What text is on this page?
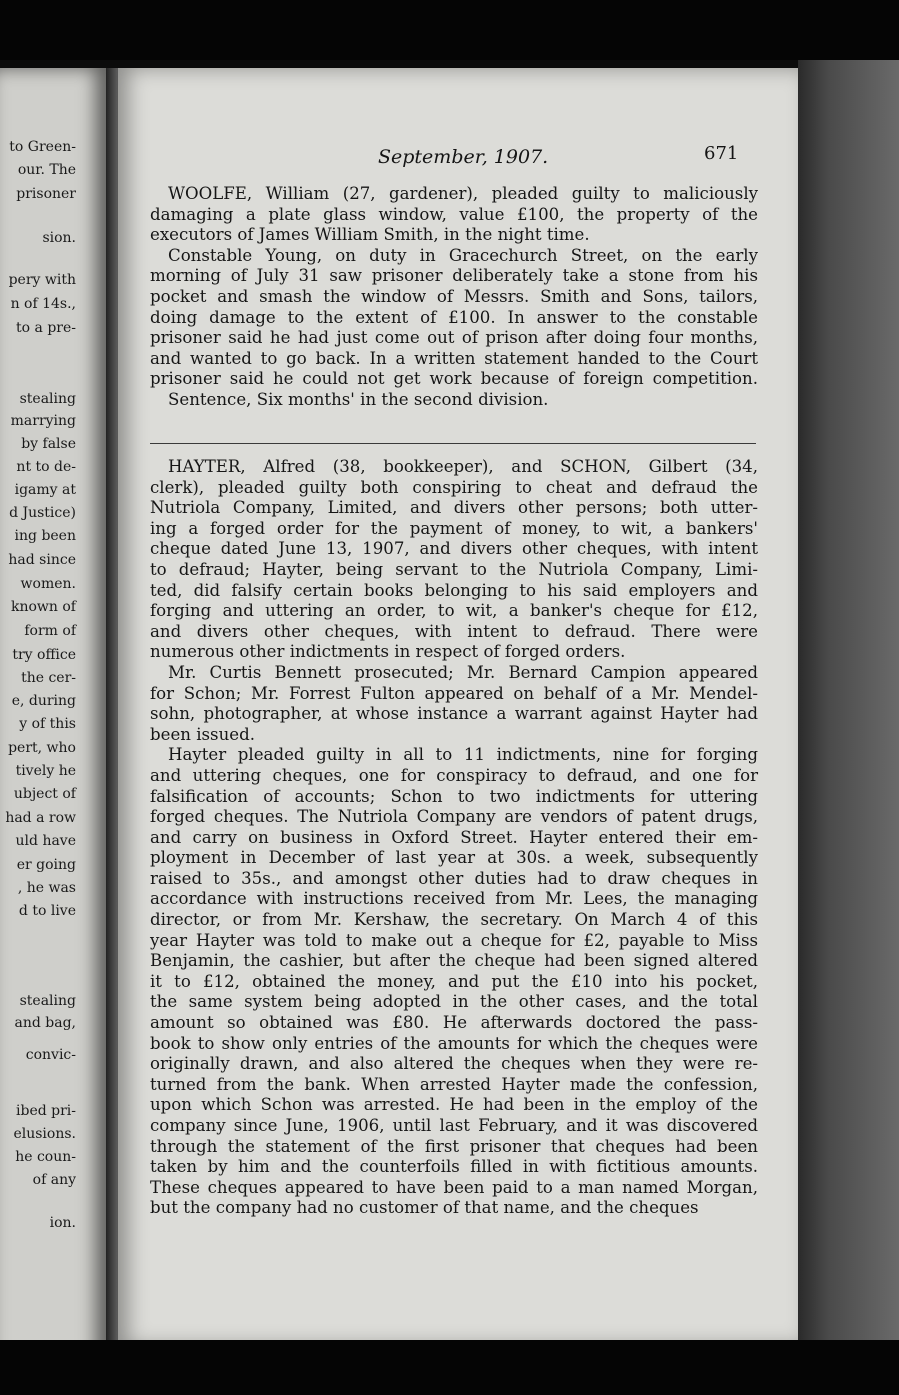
to Green-
our. The
prisoner
sion.
pery with
n of 14s.,
to a pre-
stealing
marrying
by false
nt to de-
igamy at
d Justice)
ing been
had since
women.
known of
form of
try office
the cer-
e, during
y of this
pert, who
tively he
ubject of
had a row
uld have
er going
, he was
d to live
stealing
and bag,
convic-
ibed pri-
elusions.
he coun-
of any
ion.
September, 1907.	671
WOOLFE, William (27, gardener), pleaded guilty to maliciously
damaging a plate glass window, value £100, the property of the
executors of James William Smith, in the night time.
Constable Young, on duty in Gracechurch Street, on the early
morning of July 31 saw prisoner deliberately take a stone from his
pocket and smash the window of Messrs. Smith and Sons, tailors,
doing damage to the extent of £100. In answer to the constable
prisoner said he had just come out of prison after doing four months,
and wanted to go back. In a written statement handed to the Court
prisoner said he could not get work because of foreign competition.
Sentence, Six months' in the second division.
HAYTER, Alfred (38, bookkeeper), and SCHON, Gilbert (34,
clerk), pleaded guilty both conspiring to cheat and defraud the
Nutriola Company, Limited, and divers other persons; both utter-
ing a forged order for the payment of money, to wit, a bankers'
cheque dated June 13, 1907, and divers other cheques, with intent
to defraud; Hayter, being servant to the Nutriola Company, Limi-
ted, did falsify certain books belonging to his said employers and
forging and uttering an order, to wit, a banker's cheque for £12,
and divers other cheques, with intent to defraud. There were
numerous other indictments in respect of forged orders.
Mr. Curtis Bennett prosecuted; Mr. Bernard Campion appeared
for Schon; Mr. Forrest Fulton appeared on behalf of a Mr. Mendel-
sohn, photographer, at whose instance a warrant against Hayter had
been issued.
Hayter pleaded guilty in all to 11 indictments, nine for forging
and uttering cheques, one for conspiracy to defraud, and one for
falsification of accounts; Schon to two indictments for uttering
forged cheques. The Nutriola Company are vendors of patent drugs,
and carry on business in Oxford Street. Hayter entered their em-
ployment in December of last year at 30s. a week, subsequently
raised to 35s., and amongst other duties had to draw cheques in
accordance with instructions received from Mr. Lees, the managing
director, or from Mr. Kershaw, the secretary. On March 4 of this
year Hayter was told to make out a cheque for £2, payable to Miss
Benjamin, the cashier, but after the cheque had been signed altered
it to £12, obtained the money, and put the £10 into his pocket,
the same system being adopted in the other cases, and the total
amount so obtained was £80. He afterwards doctored the pass-
book to show only entries of the amounts for which the cheques were
originally drawn, and also altered the cheques when they were re-
turned from the bank. When arrested Hayter made the confession,
upon which Schon was arrested. He had been in the employ of the
company since June, 1906, until last February, and it was discovered
through the statement of the first prisoner that cheques had been
taken by him and the counterfoils filled in with fictitious amounts.
These cheques appeared to have been paid to a man named Morgan,
but the company had no customer of that name, and the cheques
